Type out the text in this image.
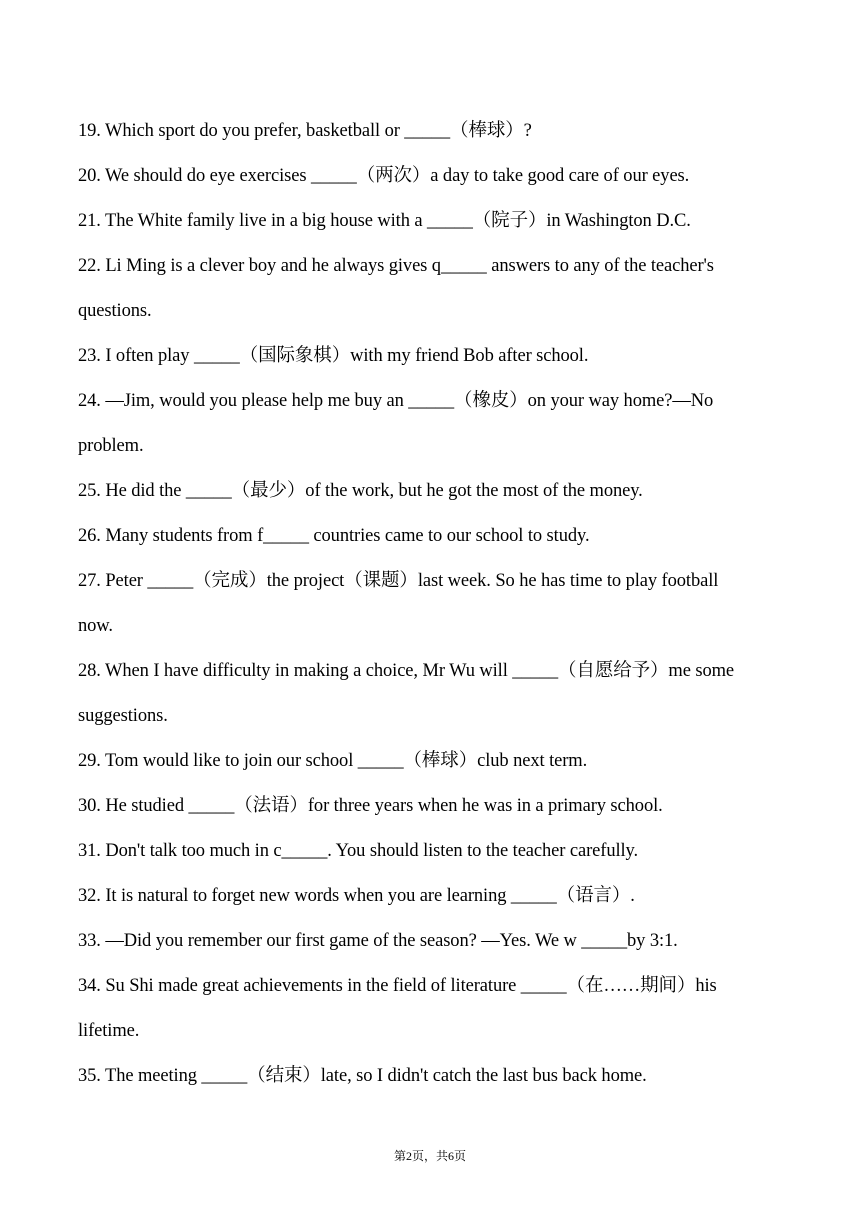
19. Which sport do you prefer, basketball or _____（棒球）?
20. We should do eye exercises _____（两次）a day to take good care of our eyes.
21. The White family live in a big house with a _____（院子）in Washington D.C.
22. Li Ming is a clever boy and he always gives q_____ answers to any of the teacher's
questions.
23. I often play _____（国际象棋）with my friend Bob after school.
24. —Jim, would you please help me buy an _____（橡皮）on your way home?—No
problem.
25. He did the _____（最少）of the work, but he got the most of the money.
26. Many students from f_____ countries came to our school to study.
27. Peter _____（完成）the project（课题）last week. So he has time to play football
now.
28. When I have difficulty in making a choice, Mr Wu will _____（自愿给予）me some
suggestions.
29. Tom would like to join our school _____（棒球）club next term.
30. He studied _____（法语）for three years when he was in a primary school.
31. Don't talk too much in c_____. You should listen to the teacher carefully.
32. It is natural to forget new words when you are learning _____（语言）.
33. —Did you remember our first game of the season? —Yes. We w _____by 3:1.
34. Su Shi made great achievements in the field of literature _____（在……期间）his
lifetime.
35. The meeting _____（结束）late, so I didn't catch the last bus back home.
第2页，共6页
